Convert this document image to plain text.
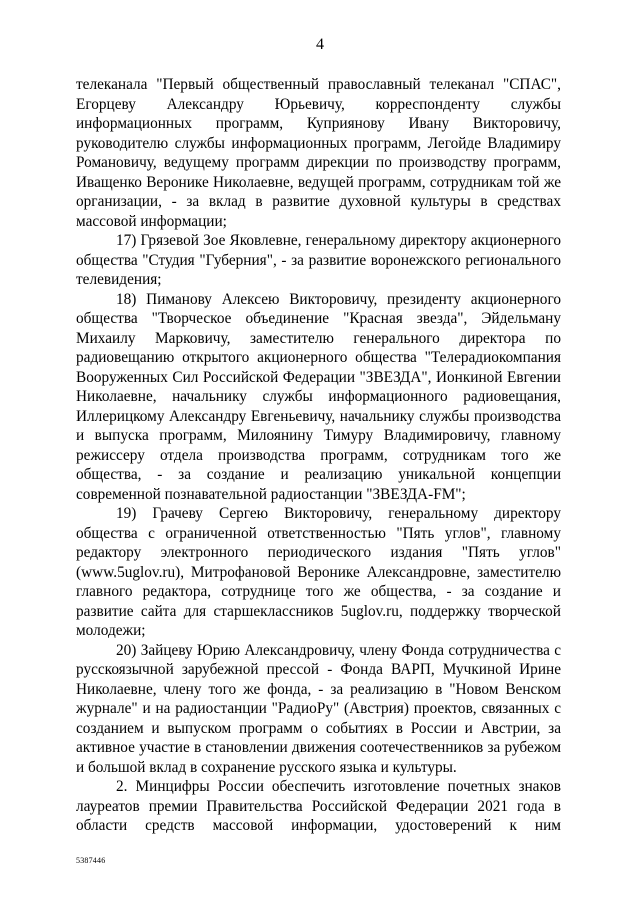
4

телеканала "Первый общественный православный телеканал "СПАС", Егорцеву Александру Юрьевичу, корреспонденту службы информационных программ, Куприянову Ивану Викторовичу, руководителю службы информационных программ, Легойде Владимиру Романовичу, ведущему программ дирекции по производству программ, Иващенко Веронике Николаевне, ведущей программ, сотрудникам той же организации, - за вклад в развитие духовной культуры в средствах массовой информации;

17) Грязевой Зое Яковлевне, генеральному директору акционерного общества "Студия "Губерния", - за развитие воронежского регионального телевидения;

18) Пиманову Алексею Викторовичу, президенту акционерного общества "Творческое объединение "Красная звезда", Эйдельману Михаилу Марковичу, заместителю генерального директора по радиовещанию открытого акционерного общества "Телерадиокомпания Вооруженных Сил Российской Федерации "ЗВЕЗДА", Ионкиной Евгении Николаевне, начальнику службы информационного радиовещания, Иллерицкому Александру Евгеньевичу, начальнику службы производства и выпуска программ, Милоянину Тимуру Владимировичу, главному режиссеру отдела производства программ, сотрудникам того же общества, - за создание и реализацию уникальной концепции современной познавательной радиостанции "ЗВЕЗДА-FM";

19) Грачеву Сергею Викторовичу, генеральному директору общества с ограниченной ответственностью "Пять углов", главному редактору электронного периодического издания "Пять углов" (www.5uglov.ru), Митрофановой Веронике Александровне, заместителю главного редактора, сотруднице того же общества, - за создание и развитие сайта для старшеклассников 5uglov.ru, поддержку творческой молодежи;

20) Зайцеву Юрию Александровичу, члену Фонда сотрудничества с русскоязычной зарубежной прессой - Фонда ВАРП, Мучкиной Ирине Николаевне, члену того же фонда, - за реализацию в "Новом Венском журнале" и на радиостанции "РадиоРу" (Австрия) проектов, связанных с созданием и выпуском программ о событиях в России и Австрии, за активное участие в становлении движения соотечественников за рубежом и большой вклад в сохранение русского языка и культуры.

2. Минцифры России обеспечить изготовление почетных знаков лауреатов премии Правительства Российской Федерации 2021 года в области средств массовой информации, удостоверений к ним

5387446
